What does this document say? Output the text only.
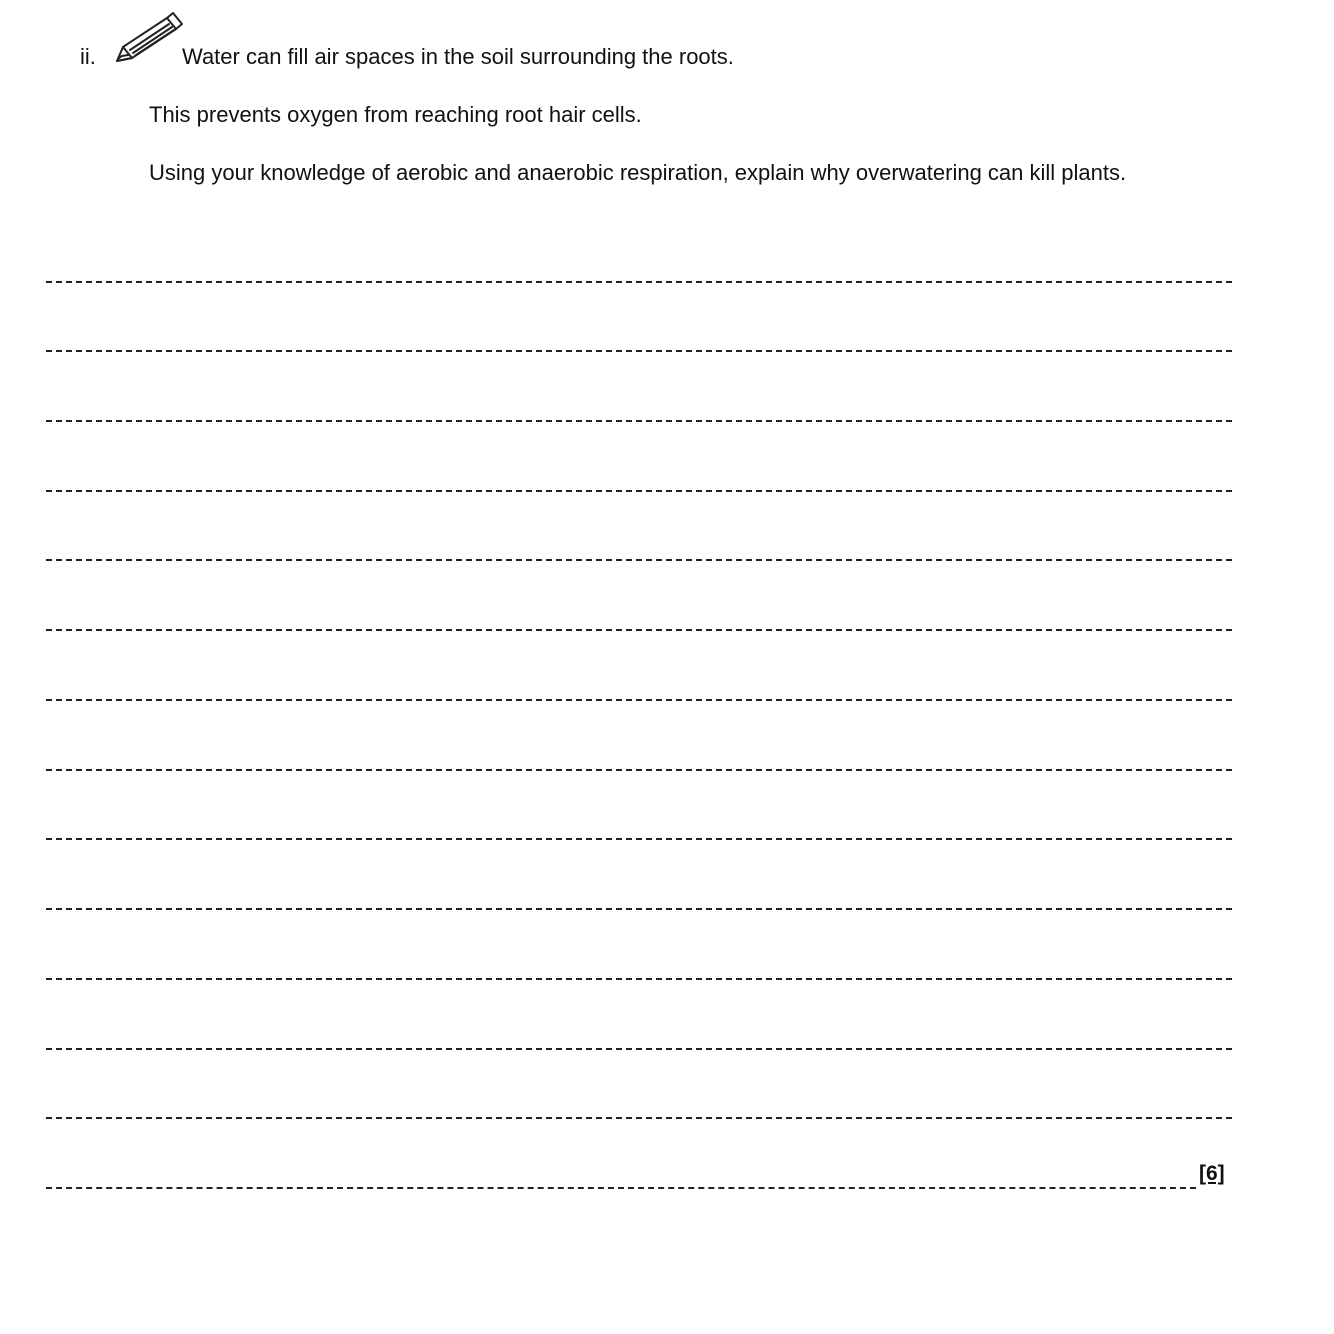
ii.	Water can fill air spaces in the soil surrounding the roots.
This prevents oxygen from reaching root hair cells.
Using your knowledge of aerobic and anaerobic respiration, explain why overwatering can kill plants.
[6]
